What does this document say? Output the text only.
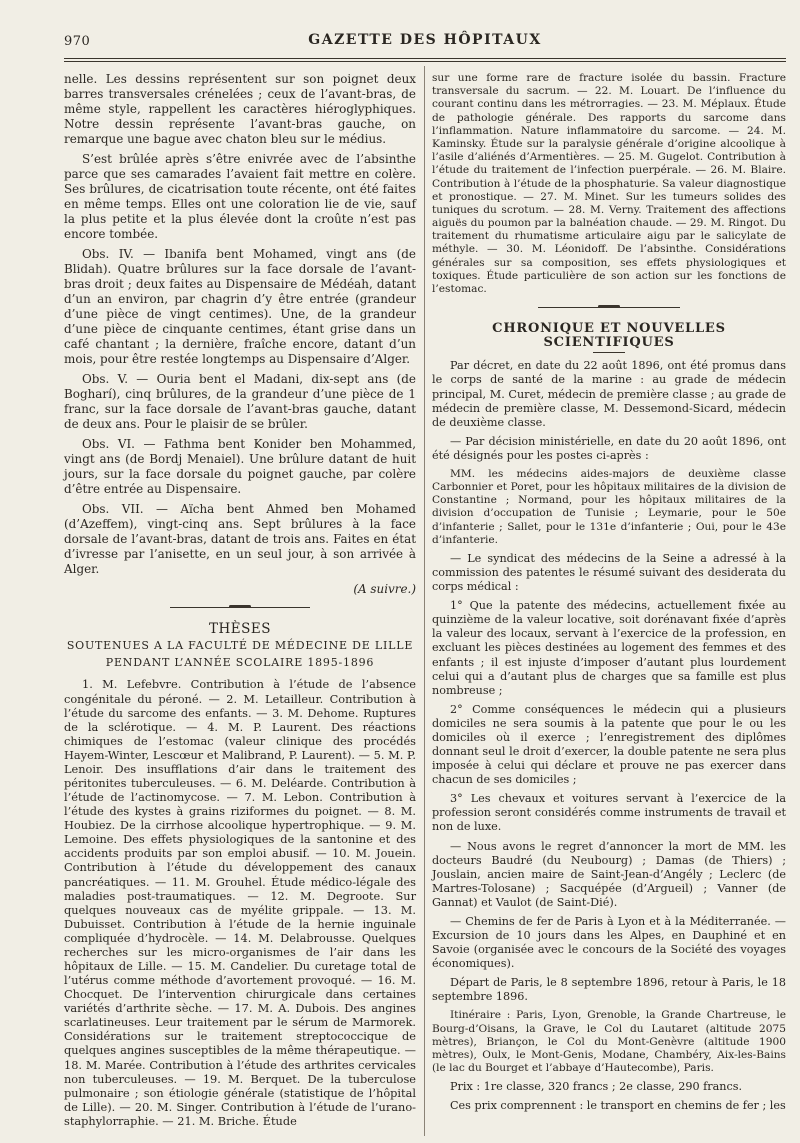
970	GAZETTE DES HÔPITAUX

nelle. Les dessins représentent sur son poignet deux barres transversales crénelées ; ceux de l’avant-bras, de même style, rappellent les caractères hiéroglyphiques. Notre dessin représente l’avant-bras gauche, on remarque une bague avec chaton bleu sur le médius.

S’est brûlée après s’être enivrée avec de l’absinthe parce que ses camarades l’avaient fait mettre en colère. Ses brûlures, de cicatrisation toute récente, ont été faites en même temps. Elles ont une coloration lie de vie, sauf la plus petite et la plus élevée dont la croûte n’est pas encore tombée.

Obs. IV. — Ibanifa bent Mohamed, vingt ans (de Blidah). Quatre brûlures sur la face dorsale de l’avant-bras droit ; deux faites au Dispensaire de Médéah, datant d’un an environ, par chagrin d’y être entrée (grandeur d’une pièce de vingt centimes). Une, de la grandeur d’une pièce de cinquante centimes, étant grise dans un café chantant ; la dernière, fraîche encore, datant d’un mois, pour être restée longtemps au Dispensaire d’Alger.

Obs. V. — Ouria bent el Madani, dix-sept ans (de Bogharí), cinq brûlures, de la grandeur d’une pièce de 1 franc, sur la face dorsale de l’avant-bras gauche, datant de deux ans. Pour le plaisir de se brûler.

Obs. VI. — Fathma bent Konider ben Mohammed, vingt ans (de Bordj Menaiel). Une brûlure datant de huit jours, sur la face dorsale du poignet gauche, par colère d’être entrée au Dispensaire.

Obs. VII. — Aïcha bent Ahmed ben Mohamed (d’Azeffem), vingt-cinq ans. Sept brûlures à la face dorsale de l’avant-bras, datant de trois ans. Faites en état d’ivresse par l’anisette, en un seul jour, à son arrivée à Alger.

(A suivre.)

THÈSES
SOUTENUES A LA FACULTÉ DE MÉDECINE DE LILLE
PENDANT L’ANNÉE SCOLAIRE 1895-1896

1. M. Lefebvre. Contribution à l’étude de l’absence congénitale du péroné. — 2. M. Letailleur. Contribution à l’étude du sarcome des enfants. — 3. M. Dehome. Ruptures de la sclérotique. — 4. M. P. Laurent. Des réactions chimiques de l’estomac (valeur clinique des procédés Hayem-Winter, Lescœur et Malibrand, P. Laurent). — 5. M. P. Lenoir. Des insufflations d’air dans le traitement des péritonites tuberculeuses. — 6. M. Deléarde. Contribution à l’étude de l’actinomycose. — 7. M. Lebon. Contribution à l’étude des kystes à grains riziformes du poignet. — 8. M. Houbiez. De la cirrhose alcoolique hypertrophique. — 9. M. Lemoine. Des effets physiologiques de la santonine et des accidents produits par son emploi abusif. — 10. M. Jouein. Contribution à l’étude du développement des canaux pancréatiques. — 11. M. Grouhel. Étude médico-légale des maladies post-traumatiques. — 12. M. Degroote. Sur quelques nouveaux cas de myélite grippale. — 13. M. Dubuisset. Contribution à l’étude de la hernie inguinale compliquée d’hydrocèle. — 14. M. Delabrousse. Quelques recherches sur les micro-organismes de l’air dans les hôpitaux de Lille. — 15. M. Candelier. Du curetage total de l’utérus comme méthode d’avortement provoqué. — 16. M. Chocquet. De l’intervention chirurgicale dans certaines variétés d’arthrite sèche. — 17. M. A. Dubois. Des angines scarlatineuses. Leur traitement par le sérum de Marmorek. Considérations sur le traitement streptococcique de quelques angines susceptibles de la même thérapeutique. — 18. M. Marée. Contribution à l’étude des arthrites cervicales non tuberculeuses. — 19. M. Berquet. De la tuberculose pulmonaire ; son étiologie générale (statistique de l’hôpital de Lille). — 20. M. Singer. Contribution à l’étude de l’urano-staphylorraphie. — 21. M. Briche. Étude

sur une forme rare de fracture isolée du bassin. Fracture transversale du sacrum. — 22. M. Louart. De l’influence du courant continu dans les métrorragies. — 23. M. Méplaux. Étude de pathologie générale. Des rapports du sarcome dans l’inflammation. Nature inflammatoire du sarcome. — 24. M. Kaminsky. Étude sur la paralysie générale d’origine alcoolique à l’asile d’aliénés d’Armentières. — 25. M. Gugelot. Contribution à l’étude du traitement de l’infection puerpérale. — 26. M. Blaire. Contribution à l’étude de la phosphaturie. Sa valeur diagnostique et pronostique. — 27. M. Minet. Sur les tumeurs solides des tuniques du scrotum. — 28. M. Verny. Traitement des affections aiguës du poumon par la balnéation chaude. — 29. M. Ringot. Du traitement du rhumatisme articulaire aigu par le salicylate de méthyle. — 30. M. Léonidoff. De l’absinthe. Considérations générales sur sa composition, ses effets physiologiques et toxiques. Étude particulière de son action sur les fonctions de l’estomac.

CHRONIQUE ET NOUVELLES SCIENTIFIQUES

Par décret, en date du 22 août 1896, ont été promus dans le corps de santé de la marine : au grade de médecin principal, M. Curet, médecin de première classe ; au grade de médecin de première classe, M. Dessemond-Sicard, médecin de deuxième classe.

— Par décision ministérielle, en date du 20 août 1896, ont été désignés pour les postes ci-après :

MM. les médecins aides-majors de deuxième classe Carbonnier et Poret, pour les hôpitaux militaires de la division de Constantine ; Normand, pour les hôpitaux militaires de la division d’occupation de Tunisie ; Leymarie, pour le 50e d’infanterie ; Sallet, pour le 131e d’infanterie ; Oui, pour le 43e d’infanterie.

— Le syndicat des médecins de la Seine a adressé à la commission des patentes le résumé suivant des desiderata du corps médical :

1° Que la patente des médecins, actuellement fixée au quinzième de la valeur locative, soit dorénavant fixée d’après la valeur des locaux, servant à l’exercice de la profession, en excluant les pièces destinées au logement des femmes et des enfants ; il est injuste d’imposer d’autant plus lourdement celui qui a d’autant plus de charges que sa famille est plus nombreuse ;

2° Comme conséquences le médecin qui a plusieurs domiciles ne sera soumis à la patente que pour le ou les domiciles où il exerce ; l’enregistrement des diplômes donnant seul le droit d’exercer, la double patente ne sera plus imposée à celui qui déclare et prouve ne pas exercer dans chacun de ses domiciles ;

3° Les chevaux et voitures servant à l’exercice de la profession seront considérés comme instruments de travail et non de luxe.

— Nous avons le regret d’annoncer la mort de MM. les docteurs Baudré (du Neubourg) ; Damas (de Thiers) ; Jouslain, ancien maire de Saint-Jean-d’Angély ; Leclerc (de Martres-Tolosane) ; Sacquépée (d’Argueil) ; Vanner (de Gannat) et Vaulot (de Saint-Dié).

— Chemins de fer de Paris à Lyon et à la Méditerranée. — Excursion de 10 jours dans les Alpes, en Dauphiné et en Savoie (organisée avec le concours de la Société des voyages économiques).

Départ de Paris, le 8 septembre 1896, retour à Paris, le 18 septembre 1896.

Itinéraire : Paris, Lyon, Grenoble, la Grande Chartreuse, le Bourg-d’Oisans, la Grave, le Col du Lautaret (altitude 2075 mètres), Briançon, le Col du Mont-Genèvre (altitude 1900 mètres), Oulx, le Mont-Genis, Modane, Chambéry, Aix-les-Bains (le lac du Bourget et l’abbaye d’Hautecombe), Paris.

Prix : 1re classe, 320 francs ; 2e classe, 290 francs.

Ces prix comprennent : le transport en chemins de fer ; les
